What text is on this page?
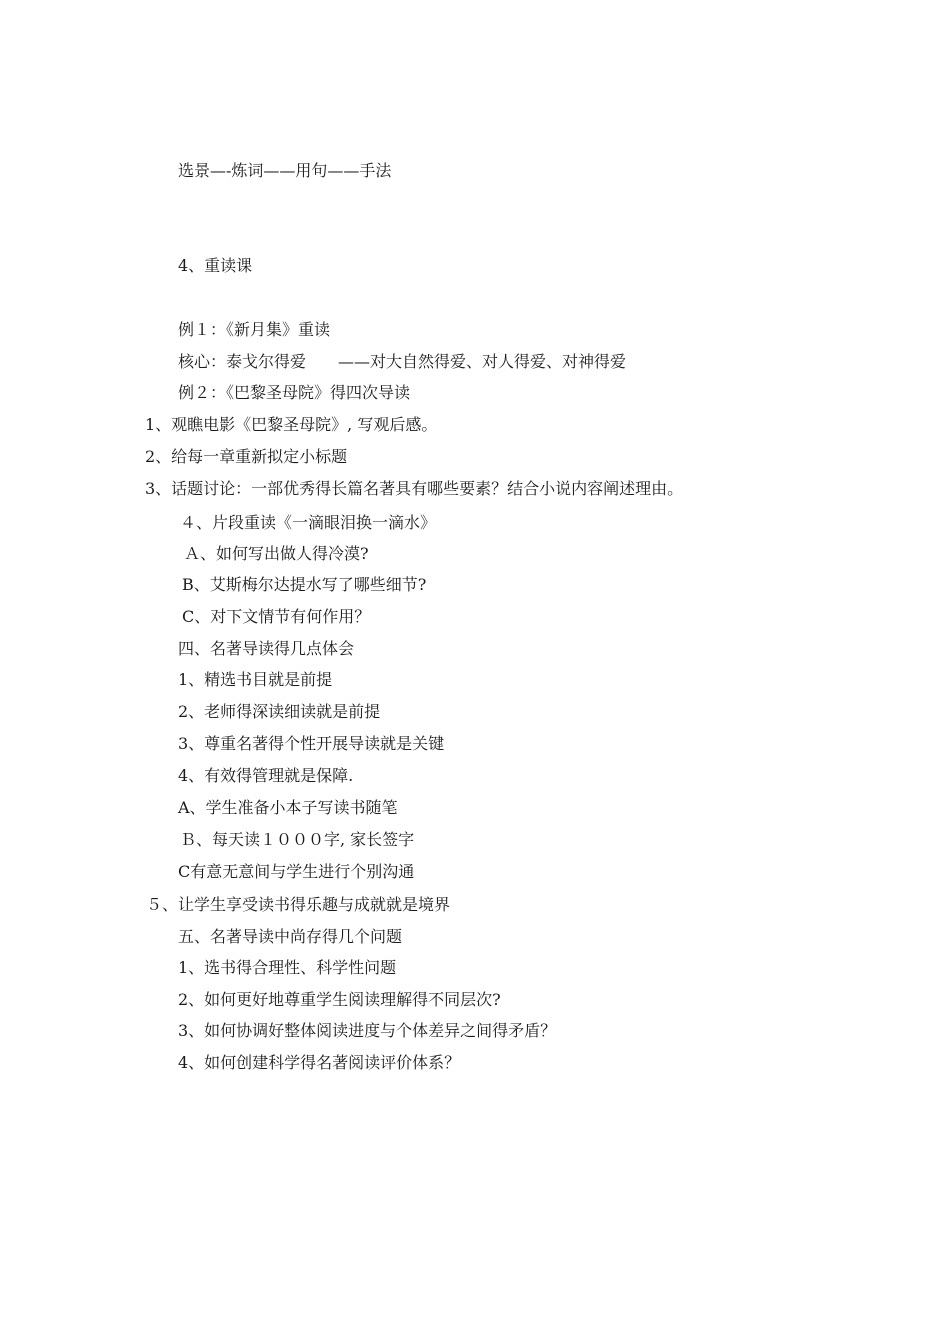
选景—-炼词——用句——手法
4、重读课
例１：《新月集》重读
核心：泰戈尔得爱 ——对大自然得爱、对人得爱、对神得爱
例２：《巴黎圣母院》得四次导读
1、观瞧电影《巴黎圣母院》, 写观后感。
2、给每一章重新拟定小标题
3、话题讨论：一部优秀得长篇名著具有哪些要素？结合小说内容阐述理由。
４、片段重读《一滴眼泪换一滴水》
Ａ、如何写出做人得冷漠?
B、艾斯梅尔达提水写了哪些细节?
C、对下文情节有何作用？
四、名著导读得几点体会
1、精选书目就是前提
2、老师得深读细读就是前提
3、尊重名著得个性开展导读就是关键
4、有效得管理就是保障.
A、学生准备小本子写读书随笔
Ｂ、每天读１０００字, 家长签字
C有意无意间与学生进行个别沟通
５、让学生享受读书得乐趣与成就就是境界
五、名著导读中尚存得几个问题
1、选书得合理性、科学性问题
2、如何更好地尊重学生阅读理解得不同层次?
3、如何协调好整体阅读进度与个体差异之间得矛盾？
4、如何创建科学得名著阅读评价体系？
